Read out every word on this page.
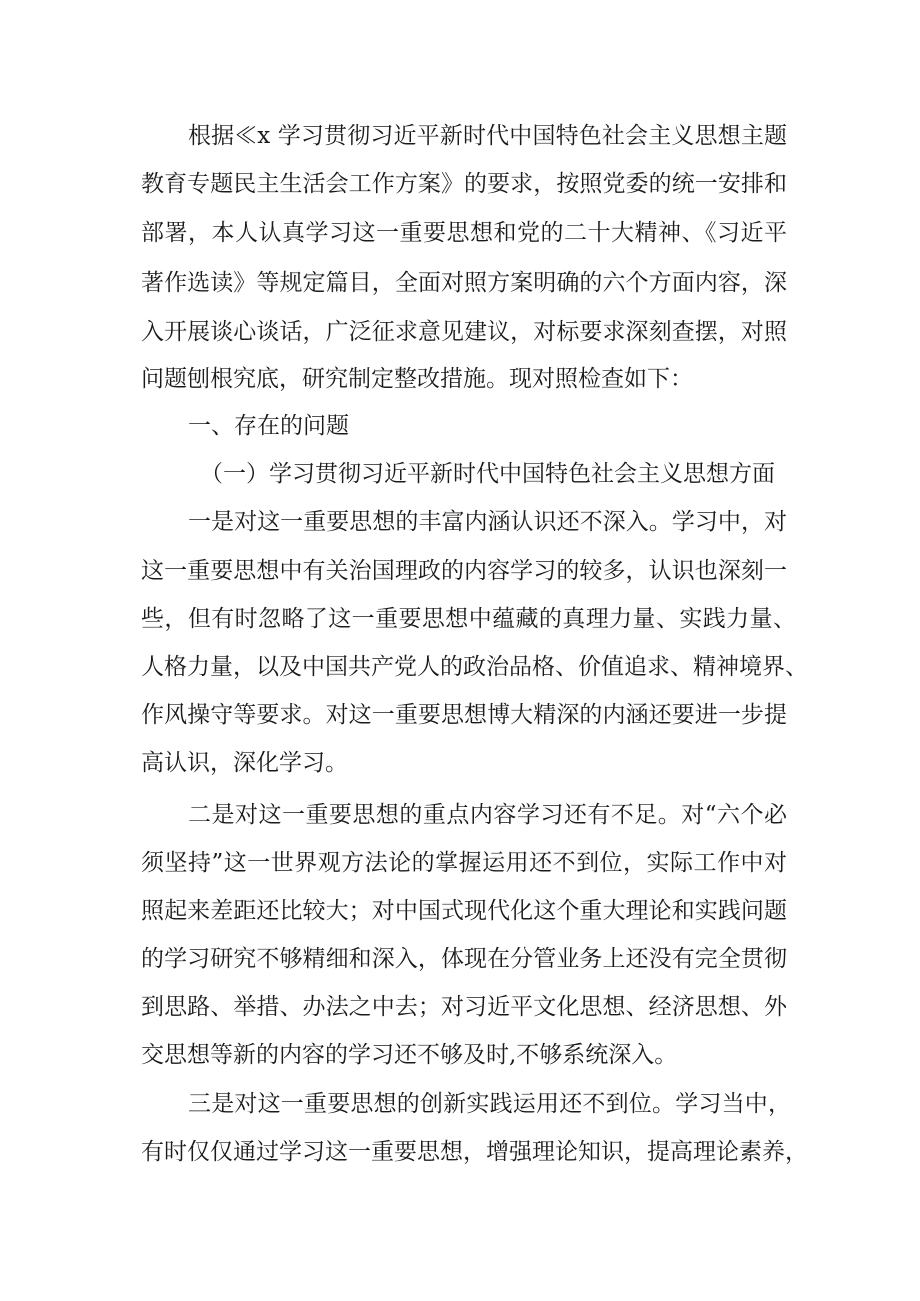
根据≪x 学习贯彻习近平新时代中国特色社会主义思想主题
教育专题民主生活会工作方案》的要求，按照党委的统一安排和
部署，本人认真学习这一重要思想和党的二十大精神、《习近平
著作选读》等规定篇目，全面对照方案明确的六个方面内容，深
入开展谈心谈话，广泛征求意见建议，对标要求深刻查摆，对照
问题刨根究底，研究制定整改措施。现对照检查如下：
一、存在的问题
（一）学习贯彻习近平新时代中国特色社会主义思想方面
一是对这一重要思想的丰富内涵认识还不深入。学习中，对
这一重要思想中有关治国理政的内容学习的较多，认识也深刻一
些，但有时忽略了这一重要思想中蕴藏的真理力量、实践力量、
人格力量，以及中国共产党人的政治品格、价值追求、精神境界、
作风操守等要求。对这一重要思想博大精深的内涵还要进一步提
高认识，深化学习。
二是对这一重要思想的重点内容学习还有不足。对“六个必
须坚持”这一世界观方法论的掌握运用还不到位，实际工作中对
照起来差距还比较大；对中国式现代化这个重大理论和实践问题
的学习研究不够精细和深入，体现在分管业务上还没有完全贯彻
到思路、举措、办法之中去；对习近平文化思想、经济思想、外
交思想等新的内容的学习还不够及时,不够系统深入。
三是对这一重要思想的创新实践运用还不到位。学习当中，
有时仅仅通过学习这一重要思想，增强理论知识，提高理论素养，
